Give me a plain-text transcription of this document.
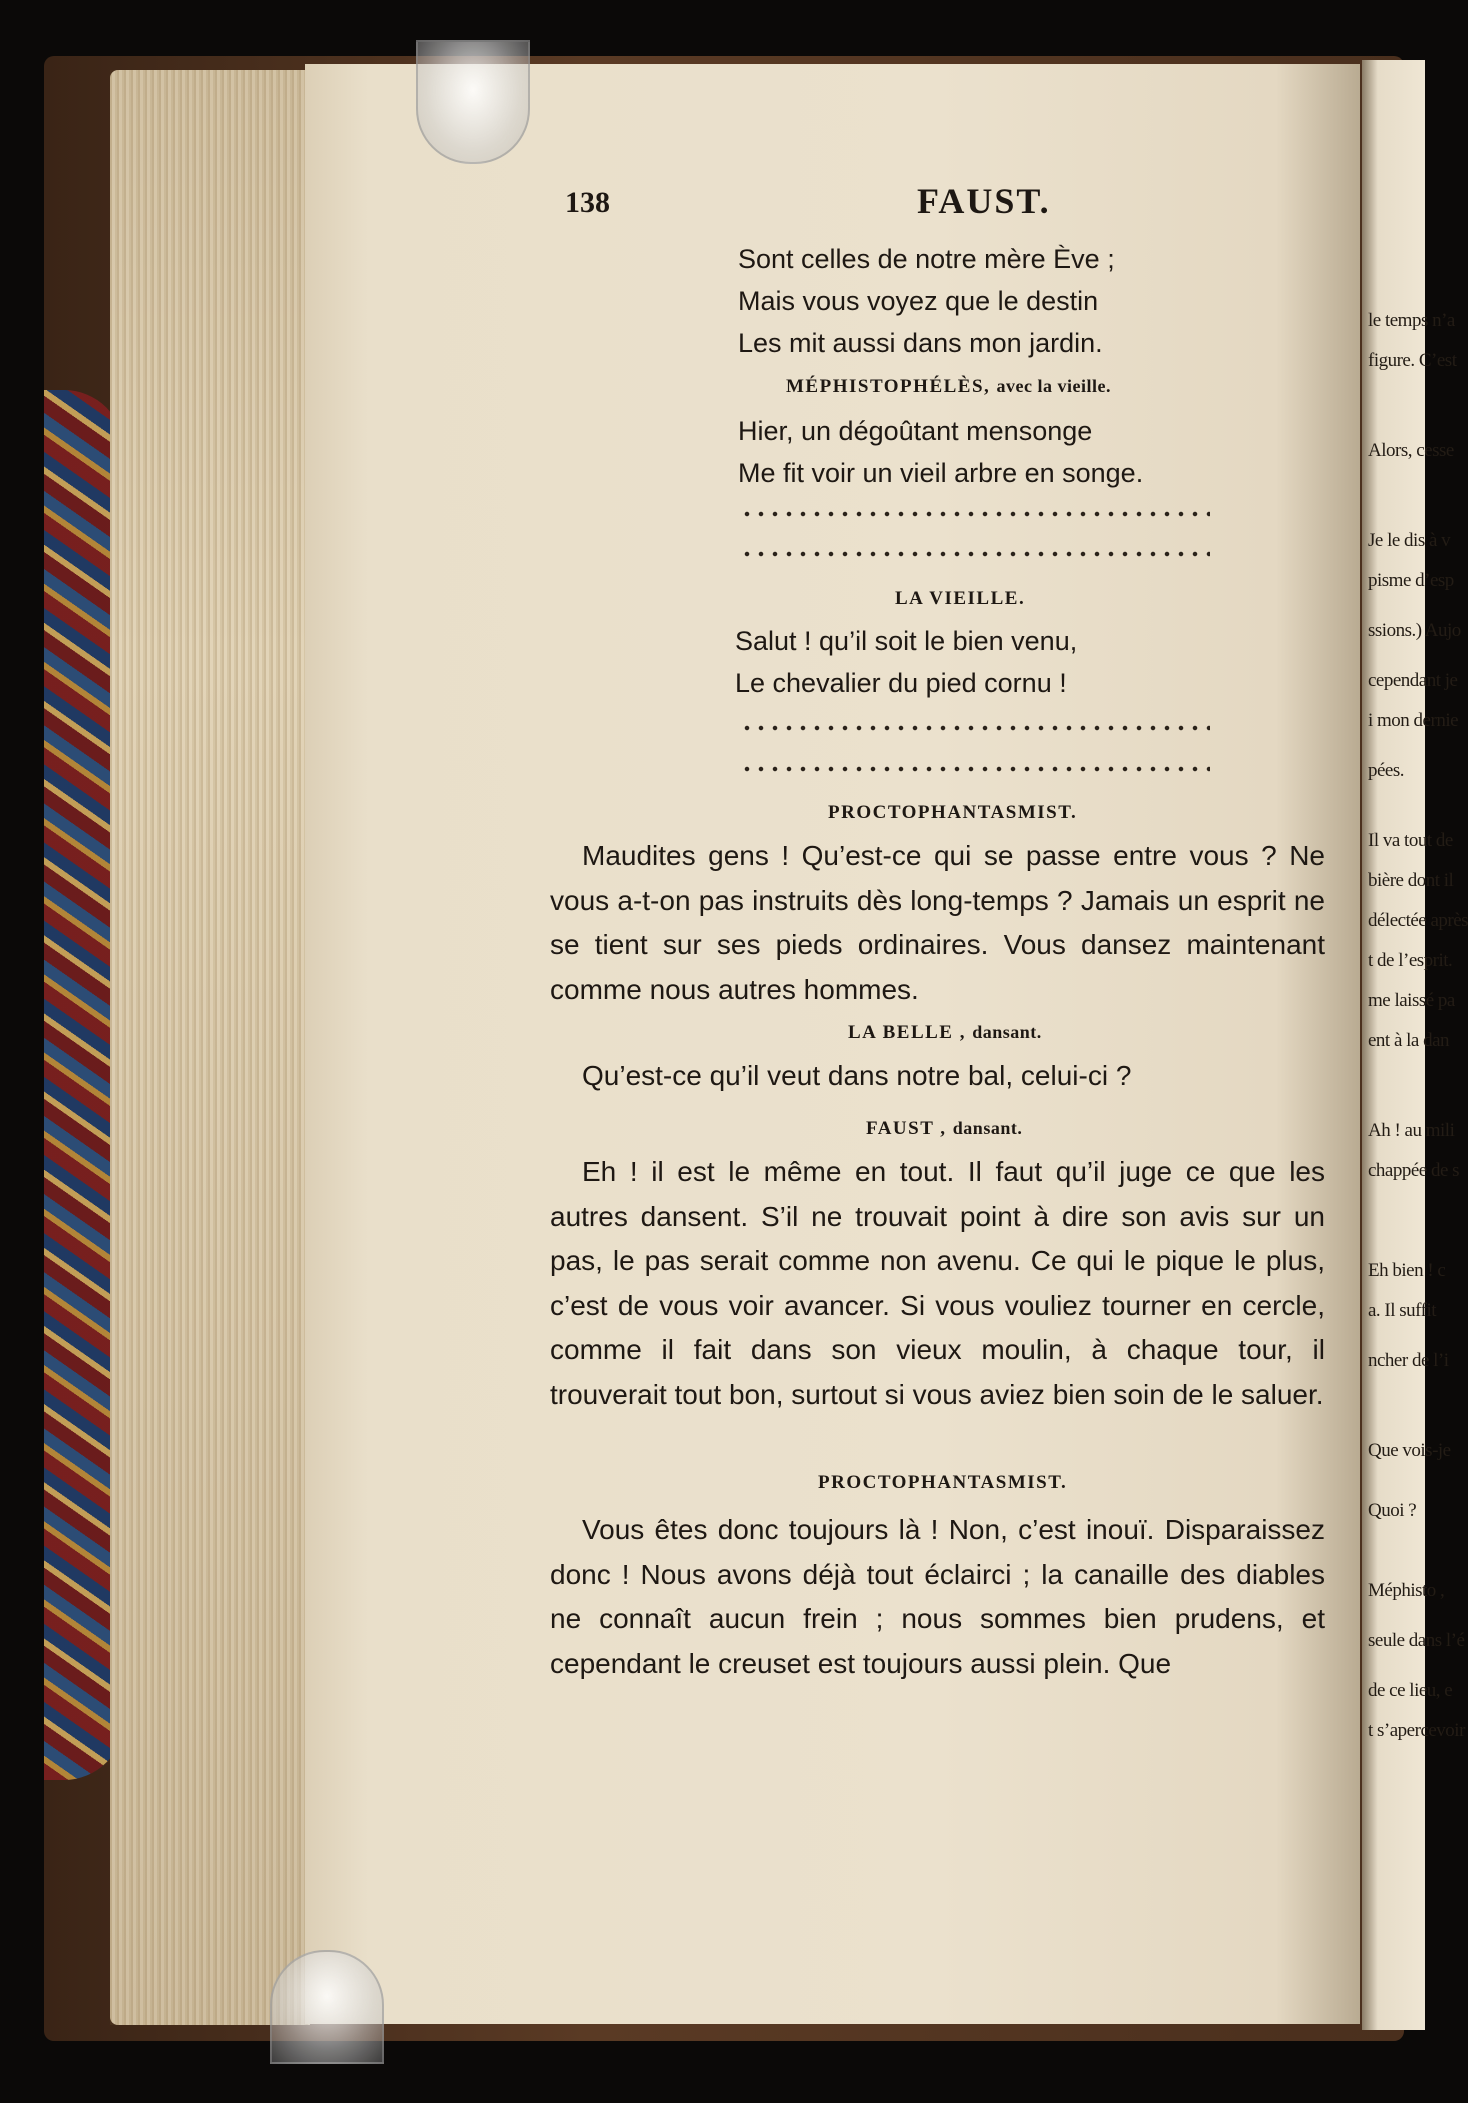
le temps n’a
figure. C’est
Alors, cesse
Je le dis à v
pisme d’esp
ssions.) Aujo
cependant je
i mon dernie
pées.
Il va tout de
bière dont il
délectée après
t de l’esprit.
me laissé pa
ent à la dan
Ah ! au mili
chappée de s
Eh bien ! c
a. Il suffit
ncher de l’i
Que vois-je
Quoi ?
Méphisto ,
seule dans l’é
de ce lieu, e
t s’apercevoir
138	FAUST.
Sont celles de notre mère Ève ;
Mais vous voyez que le destin
Les mit aussi dans mon jardin.
MÉPHISTOPHÉLÈS, avec la vieille.
Hier, un dégoûtant mensonge
Me fit voir un vieil arbre en songe.
LA VIEILLE.
Salut ! qu’il soit le bien venu,
Le chevalier du pied cornu !
PROCTOPHANTASMIST.

Maudites gens ! Qu’est-ce qui se passe entre vous ? Ne vous a-t-on pas instruits dès long-temps ? Jamais un esprit ne se tient sur ses pieds ordinaires. Vous dansez maintenant comme nous autres hommes.

LA BELLE , dansant.

Qu’est-ce qu’il veut dans notre bal, celui-ci ?

FAUST , dansant.

Eh ! il est le même en tout. Il faut qu’il juge ce que les autres dansent. S’il ne trouvait point à dire son avis sur un pas, le pas serait comme non avenu. Ce qui le pique le plus, c’est de vous voir avancer. Si vous vouliez tourner en cercle, comme il fait dans son vieux moulin, à chaque tour, il trouverait tout bon, surtout si vous aviez bien soin de le saluer.

PROCTOPHANTASMIST.

Vous êtes donc toujours là ! Non, c’est inouï. Disparaissez donc ! Nous avons déjà tout éclairci ; la canaille des diables ne connaît aucun frein ; nous sommes bien prudens, et cependant le creuset est toujours aussi plein. Que
